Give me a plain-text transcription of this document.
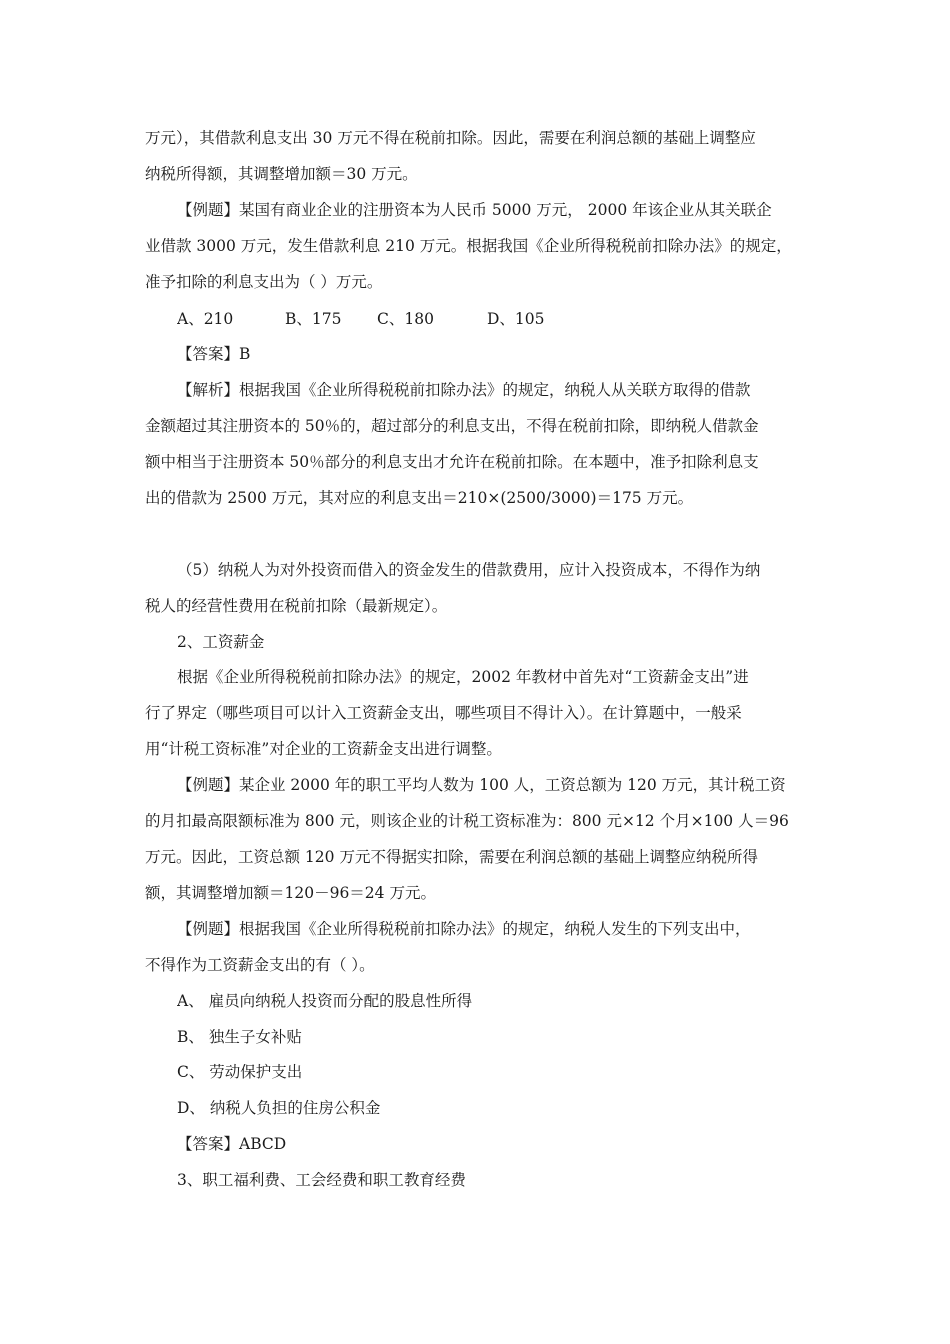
万元），其借款利息支出 30 万元不得在税前扣除。因此，需要在利润总额的基础上调整应
纳税所得额，其调整增加额＝30 万元。
【例题】某国有商业企业的注册资本为人民币 5000 万元， 2000 年该企业从其关联企
业借款 3000 万元，发生借款利息 210 万元。根据我国《企业所得税税前扣除办法》的规定，
准予扣除的利息支出为（ ）万元。
A、210	B、175 C、180	D、105
【答案】B
【解析】根据我国《企业所得税税前扣除办法》的规定，纳税人从关联方取得的借款
金额超过其注册资本的 50％的，超过部分的利息支出，不得在税前扣除，即纳税人借款金
额中相当于注册资本 50％部分的利息支出才允许在税前扣除。在本题中，准予扣除利息支
出的借款为 2500 万元，其对应的利息支出＝210×(2500/3000)＝175 万元。
（5）纳税人为对外投资而借入的资金发生的借款费用，应计入投资成本，不得作为纳
税人的经营性费用在税前扣除（最新规定）。
2、工资薪金
根据《企业所得税税前扣除办法》的规定，2002 年教材中首先对“工资薪金支出”进
行了界定（哪些项目可以计入工资薪金支出，哪些项目不得计入）。在计算题中，一般采
用“计税工资标准”对企业的工资薪金支出进行调整。
【例题】某企业 2000 年的职工平均人数为 100 人，工资总额为 120 万元，其计税工资
的月扣最高限额标准为 800 元，则该企业的计税工资标准为：800 元×12 个月×100 人＝96
万元。因此，工资总额 120 万元不得据实扣除，需要在利润总额的基础上调整应纳税所得
额，其调整增加额＝120－96＝24 万元。
【例题】根据我国《企业所得税税前扣除办法》的规定，纳税人发生的下列支出中，
不得作为工资薪金支出的有（ ）。
A、 雇员向纳税人投资而分配的股息性所得
B、 独生子女补贴
C、 劳动保护支出
D、 纳税人负担的住房公积金
【答案】ABCD
3、职工福利费、工会经费和职工教育经费
